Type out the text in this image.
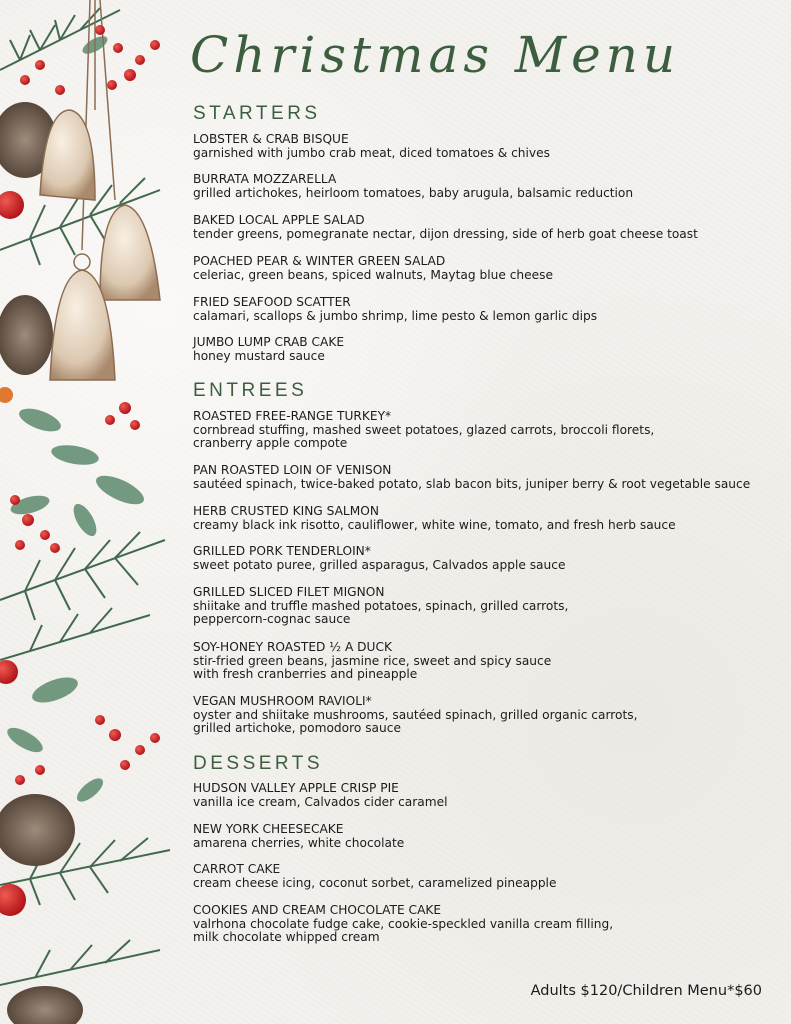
Christmas Menu
STARTERS
LOBSTER & CRAB BISQUE
garnished with jumbo crab meat, diced tomatoes & chives
BURRATA MOZZARELLA
grilled artichokes, heirloom tomatoes, baby arugula, balsamic reduction
BAKED LOCAL APPLE SALAD
tender greens, pomegranate nectar, dijon dressing, side of herb goat cheese toast
POACHED PEAR & WINTER GREEN SALAD
celeriac, green beans, spiced walnuts, Maytag blue cheese
FRIED SEAFOOD SCATTER
calamari, scallops & jumbo shrimp, lime pesto & lemon garlic dips
JUMBO LUMP CRAB CAKE
honey mustard sauce
ENTREES
ROASTED FREE-RANGE TURKEY*
cornbread stuffing, mashed sweet potatoes, glazed carrots, broccoli florets,
cranberry apple compote
PAN ROASTED LOIN OF VENISON
sautéed spinach, twice-baked potato, slab bacon bits, juniper berry & root vegetable sauce
HERB CRUSTED KING SALMON
creamy black ink risotto, cauliflower, white wine, tomato, and fresh herb sauce
GRILLED PORK TENDERLOIN*
sweet potato puree, grilled asparagus, Calvados apple sauce
GRILLED SLICED FILET MIGNON
shiitake and truffle mashed potatoes, spinach, grilled carrots,
peppercorn-cognac sauce
SOY-HONEY ROASTED ½ A DUCK
stir-fried green beans, jasmine rice, sweet and spicy sauce
with fresh cranberries and pineapple
VEGAN MUSHROOM RAVIOLI*
oyster and shiitake mushrooms, sautéed spinach, grilled organic carrots,
grilled artichoke, pomodoro sauce
DESSERTS
HUDSON VALLEY APPLE CRISP PIE
vanilla ice cream, Calvados cider caramel
NEW YORK CHEESECAKE
amarena cherries, white chocolate
CARROT CAKE
cream cheese icing, coconut sorbet, caramelized pineapple
COOKIES AND CREAM CHOCOLATE CAKE
valrhona chocolate fudge cake, cookie-speckled vanilla cream filling,
milk chocolate whipped cream
Adults $120/Children Menu*$60
